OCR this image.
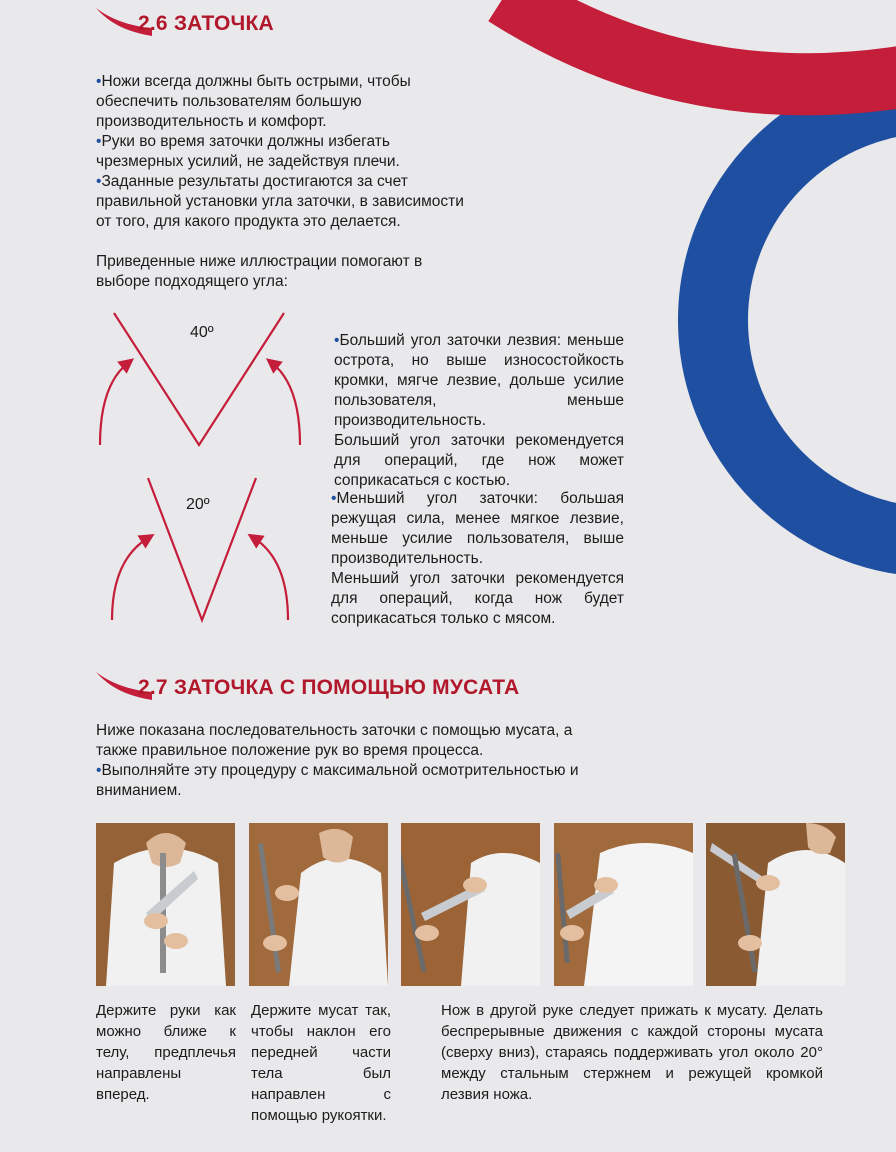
2.6 ЗАТОЧКА

• Ножи всегда должны быть острыми, чтобы обеспечить пользователям большую производительность и комфорт.

• Руки во время заточки должны избегать чрезмерных усилий, не задействуя плечи.

• Заданные результаты достигаются за счет правильной установки угла заточки, в зависимости от того, для какого продукта это делается.

Приведенные ниже иллюстрации помогают в выборе подходящего угла:

40º
20º

• Больший угол заточки лезвия: меньше острота, но выше износостойкость кромки, мягче лезвие, дольше усилие пользователя, меньше производительность.

Больший угол заточки рекомендуется для операций, где нож может соприкасаться с костью.

• Меньший угол заточки: большая режущая сила, менее мягкое лезвие, меньше усилие пользователя, выше производительность.

Меньший угол заточки рекомендуется для операций, когда нож будет соприкасаться только с мясом.

2.7 ЗАТОЧКА С ПОМОЩЬЮ МУСАТА

Ниже показана последовательность заточки с помощью мусата, а также правильное положение рук во время процесса.

• Выполняйте эту процедуру с максимальной осмотрительностью и вниманием.

Держите руки как можно ближе к телу, предплечья направлены вперед.

Держите мусат так, чтобы наклон его передней части тела был направлен с помощью рукоятки.

Нож в другой руке следует прижать к мусату. Делать беспрерывные движения с каждой стороны мусата (сверху вниз), стараясь поддерживать угол около 20° между стальным стержнем и режущей кромкой лезвия ножа.
